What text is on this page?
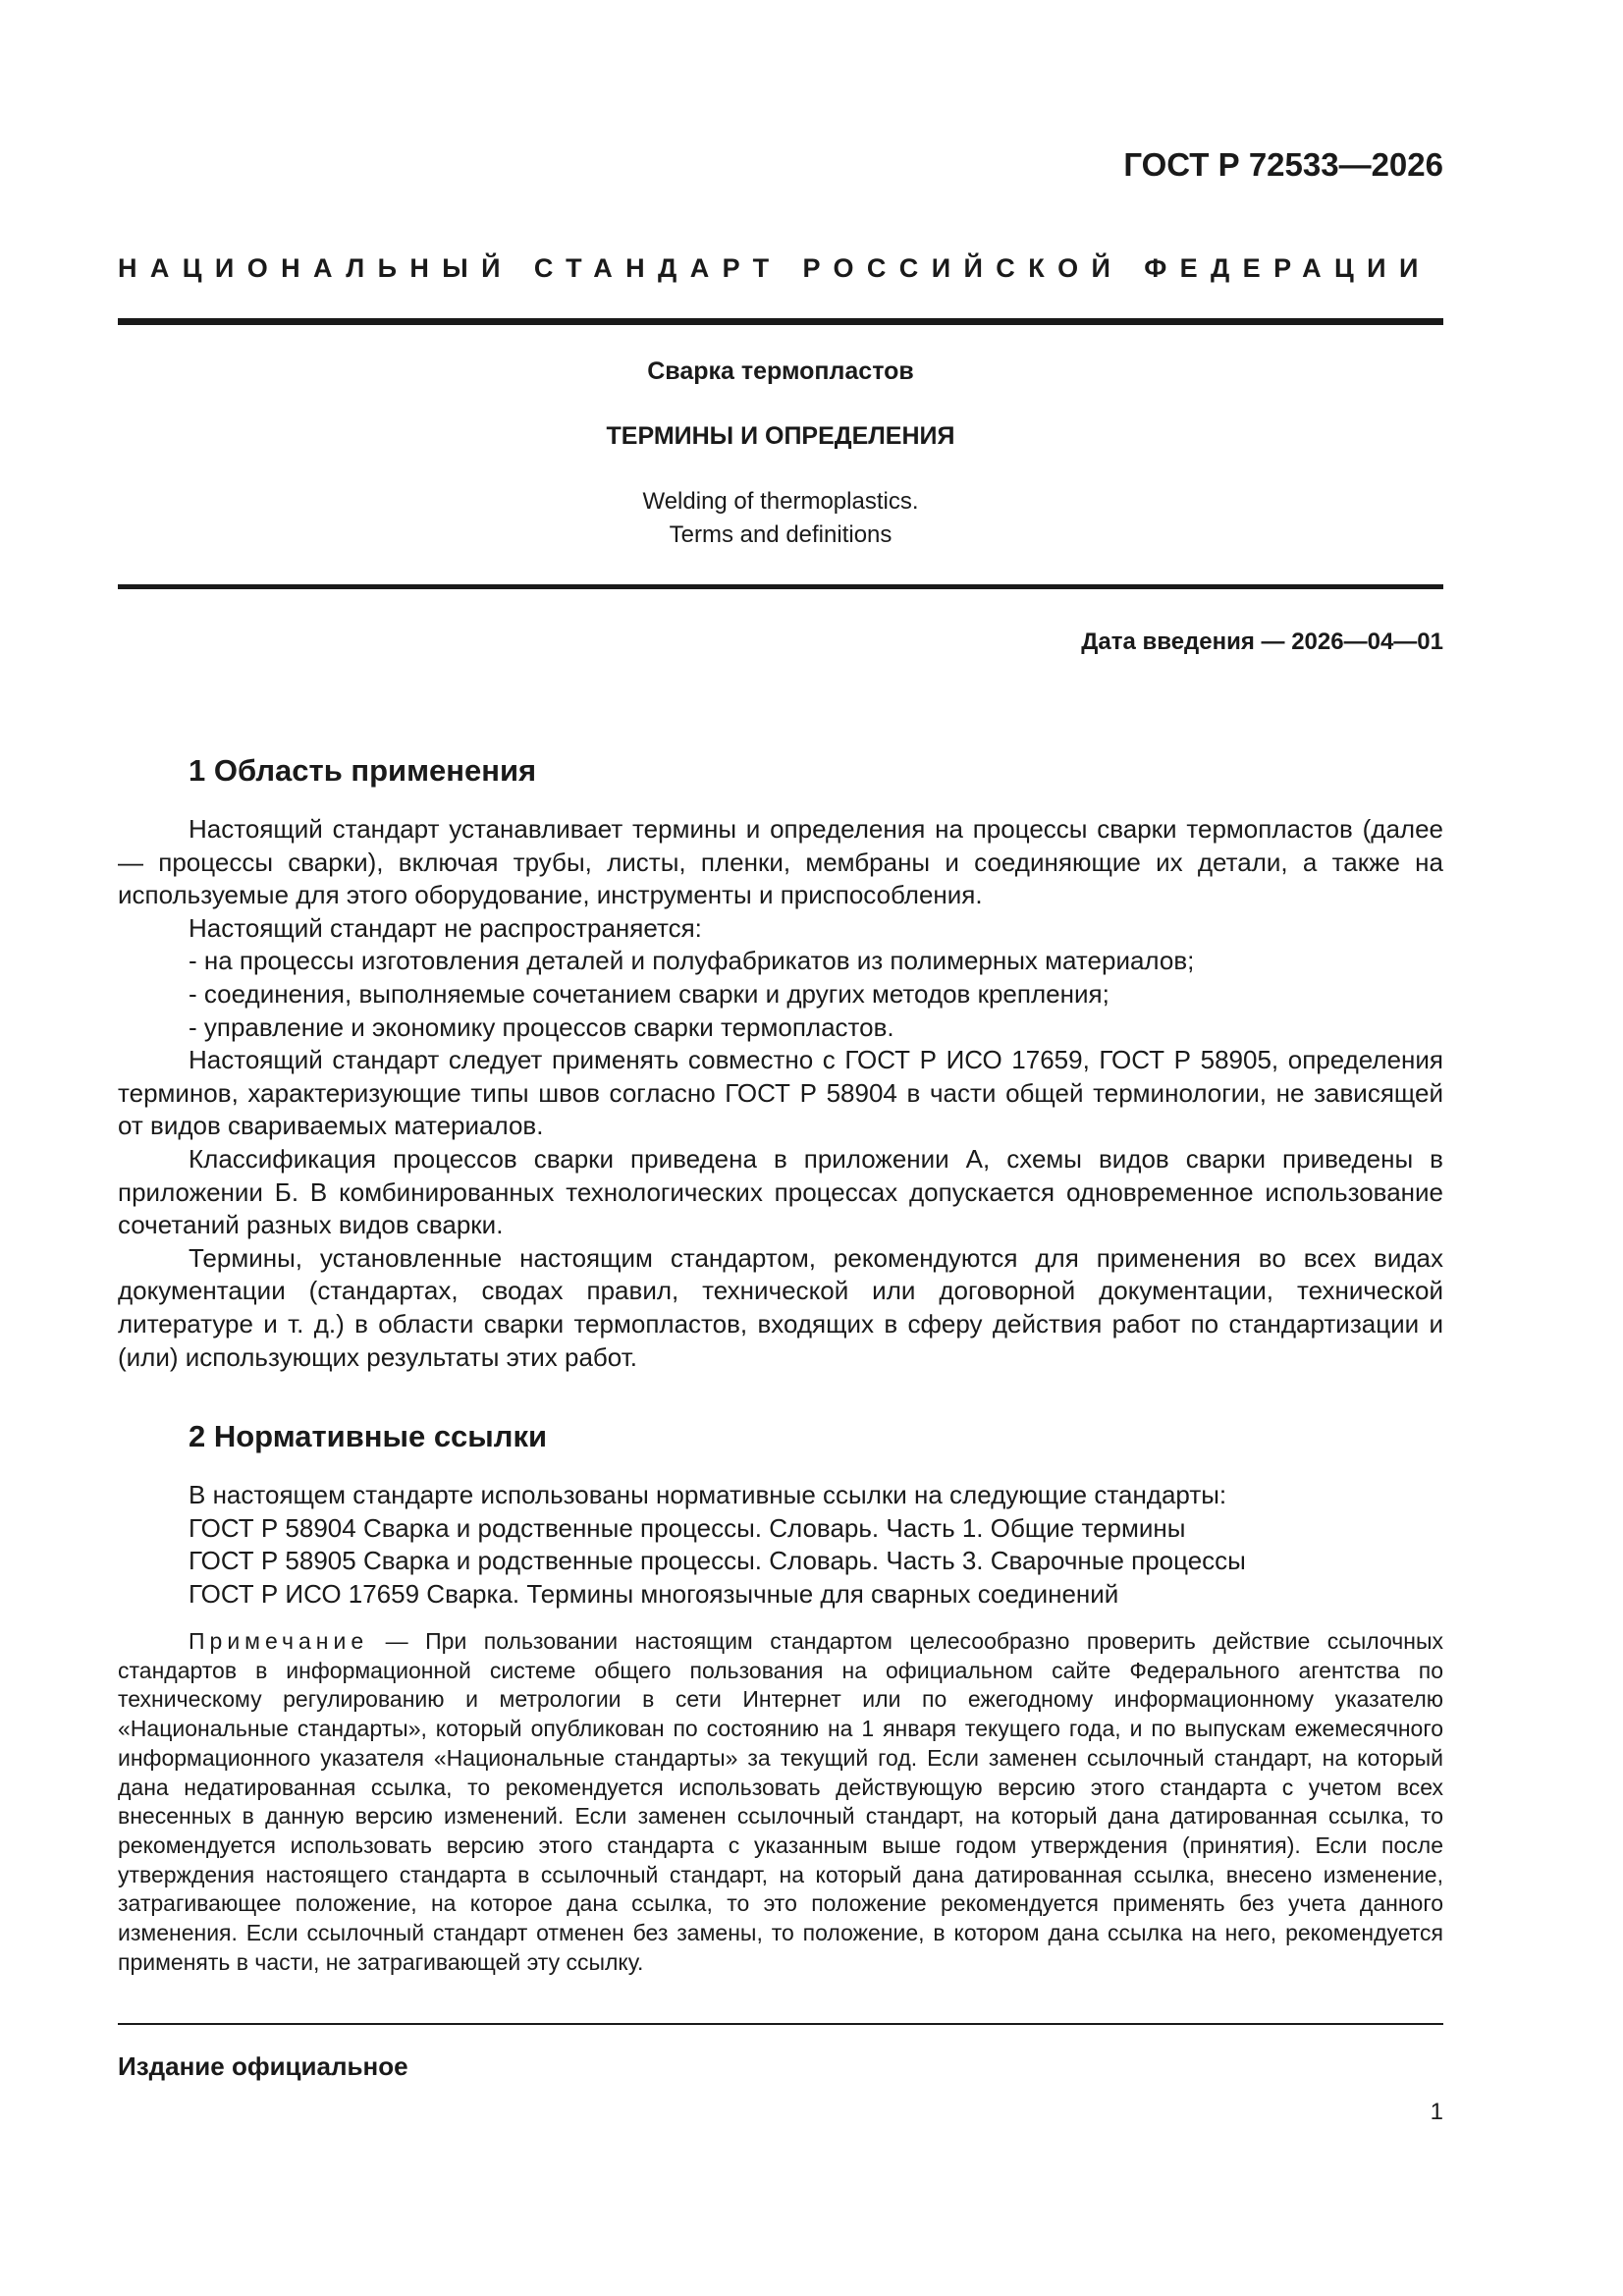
ГОСТ Р 72533—2026

НАЦИОНАЛЬНЫЙ СТАНДАРТ РОССИЙСКОЙ ФЕДЕРАЦИИ

Сварка термопластов

ТЕРМИНЫ И ОПРЕДЕЛЕНИЯ

Welding of thermoplastics.
Terms and definitions

Дата введения — 2026—04—01

1 Область применения

Настоящий стандарт устанавливает термины и определения на процессы сварки термопластов (далее — процессы сварки), включая трубы, листы, пленки, мембраны и соединяющие их детали, а также на используемые для этого оборудование, инструменты и приспособления.

Настоящий стандарт не распространяется:

- на процессы изготовления деталей и полуфабрикатов из полимерных материалов;

- соединения, выполняемые сочетанием сварки и других методов крепления;

- управление и экономику процессов сварки термопластов.

Настоящий стандарт следует применять совместно с ГОСТ Р ИСО 17659, ГОСТ Р 58905, определения терминов, характеризующие типы швов согласно ГОСТ Р 58904 в части общей терминологии, не зависящей от видов свариваемых материалов.

Классификация процессов сварки приведена в приложении А, схемы видов сварки приведены в приложении Б. В комбинированных технологических процессах допускается одновременное использование сочетаний разных видов сварки.

Термины, установленные настоящим стандартом, рекомендуются для применения во всех видах документации (стандартах, сводах правил, технической или договорной документации, технической литературе и т. д.) в области сварки термопластов, входящих в сферу действия работ по стандартизации и (или) использующих результаты этих работ.

2 Нормативные ссылки

В настоящем стандарте использованы нормативные ссылки на следующие стандарты:

ГОСТ Р 58904 Сварка и родственные процессы. Словарь. Часть 1. Общие термины

ГОСТ Р 58905 Сварка и родственные процессы. Словарь. Часть 3. Сварочные процессы

ГОСТ Р ИСО 17659 Сварка. Термины многоязычные для сварных соединений

Примечание — При пользовании настоящим стандартом целесообразно проверить действие ссылочных стандартов в информационной системе общего пользования на официальном сайте Федерального агентства по техническому регулированию и метрологии в сети Интернет или по ежегодному информационному указателю «Национальные стандарты», который опубликован по состоянию на 1 января текущего года, и по выпускам ежемесячного информационного указателя «Национальные стандарты» за текущий год. Если заменен ссылочный стандарт, на который дана недатированная ссылка, то рекомендуется использовать действующую версию этого стандарта с учетом всех внесенных в данную версию изменений. Если заменен ссылочный стандарт, на который дана датированная ссылка, то рекомендуется использовать версию этого стандарта с указанным выше годом утверждения (принятия). Если после утверждения настоящего стандарта в ссылочный стандарт, на который дана датированная ссылка, внесено изменение, затрагивающее положение, на которое дана ссылка, то это положение рекомендуется применять без учета данного изменения. Если ссылочный стандарт отменен без замены, то положение, в котором дана ссылка на него, рекомендуется применять в части, не затрагивающей эту ссылку.

Издание официальное

1
